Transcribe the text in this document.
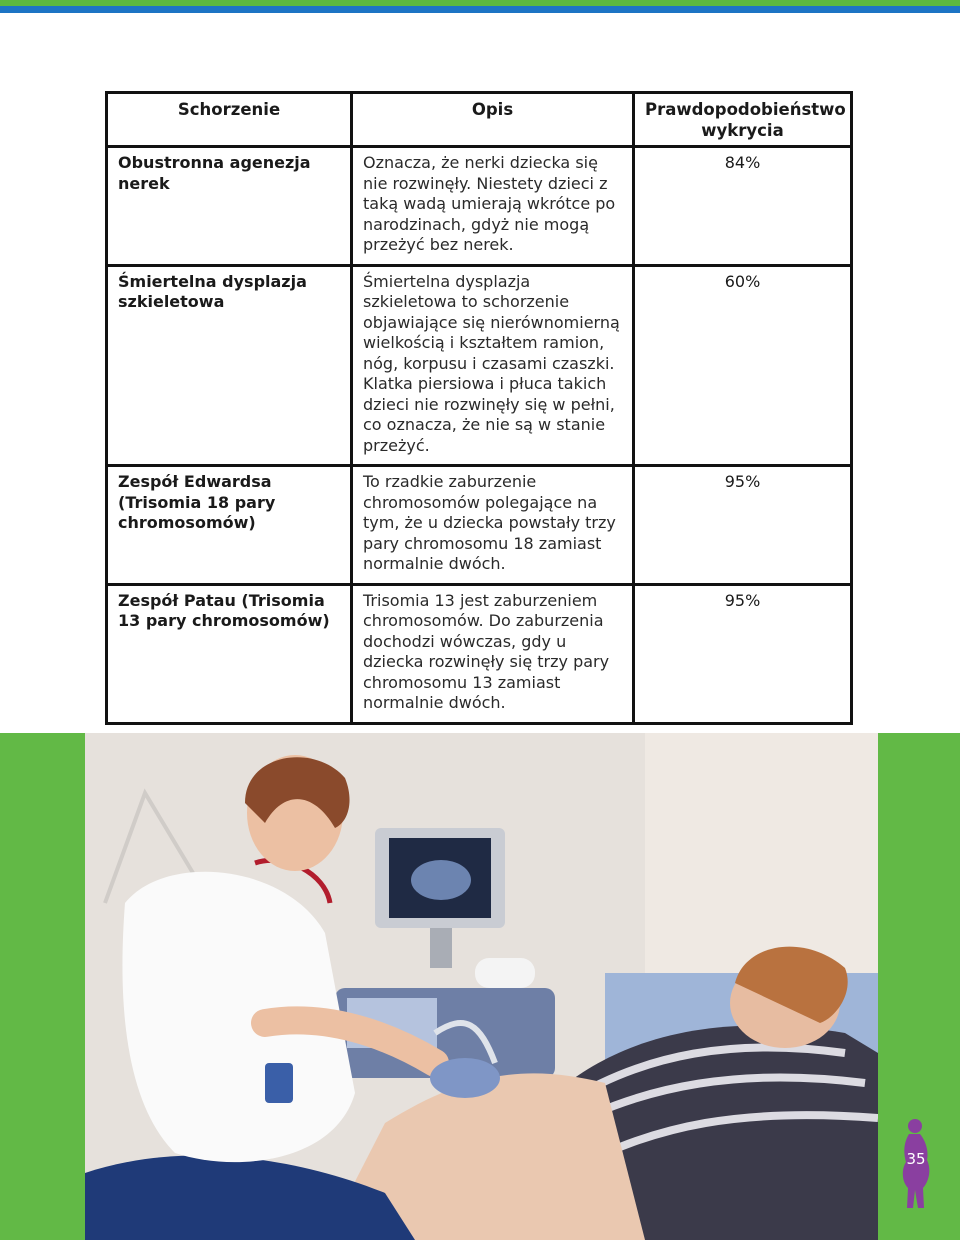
Schorzenie	Opis	Prawdopodobieństwo wykrycia
Obustronna agenezja nerek	Oznacza, że nerki dziecka się nie rozwinęły. Niestety dzieci z taką wadą umierają wkrótce po narodzinach, gdyż nie mogą przeżyć bez nerek.	84%
Śmiertelna dysplazja szkieletowa	Śmiertelna dysplazja szkieletowa to schorzenie objawiające się nierównomierną wielkością i kształtem ramion, nóg, korpusu i czasami czaszki. Klatka piersiowa i płuca takich dzieci nie rozwinęły się w pełni, co oznacza, że nie są w stanie przeżyć.	60%
Zespół Edwardsa (Trisomia 18 pary chromosomów)	To rzadkie zaburzenie chromosomów polegające na tym, że u dziecka powstały trzy pary chromosomu 18 zamiast normalnie dwóch.	95%
Zespół Patau (Trisomia 13 pary chromosomów)	Trisomia 13 jest zaburzeniem chromosomów. Do zaburzenia dochodzi wówczas, gdy u dziecka rozwinęły się trzy pary chromosomu 13 zamiast normalnie dwóch.	95%
35
